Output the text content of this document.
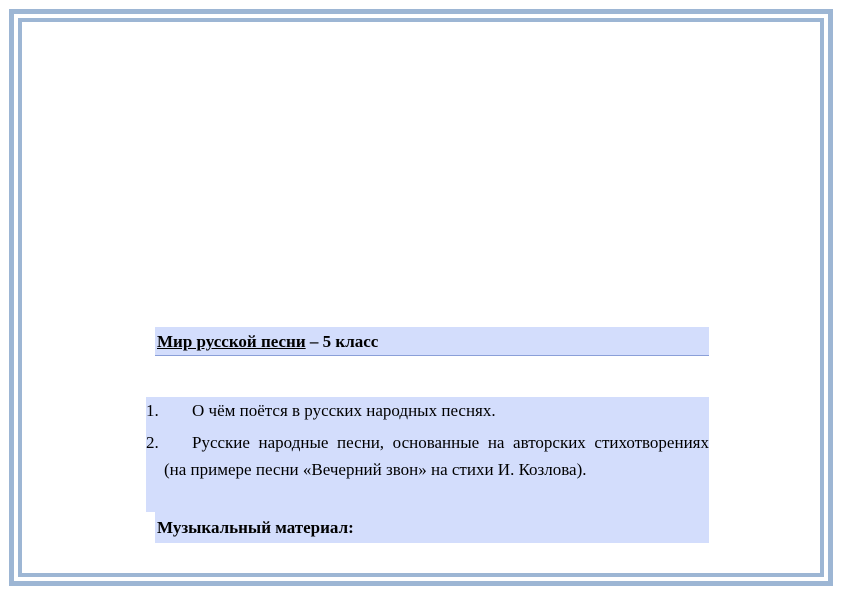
Мир русской песни – 5 класс
1.	О чём поётся в русских народных песнях.
2.	Русские народные песни, основанные на авторских стихотворениях (на примере песни «Вечерний звон» на стихи И. Козлова).
Музыкальный материал:
